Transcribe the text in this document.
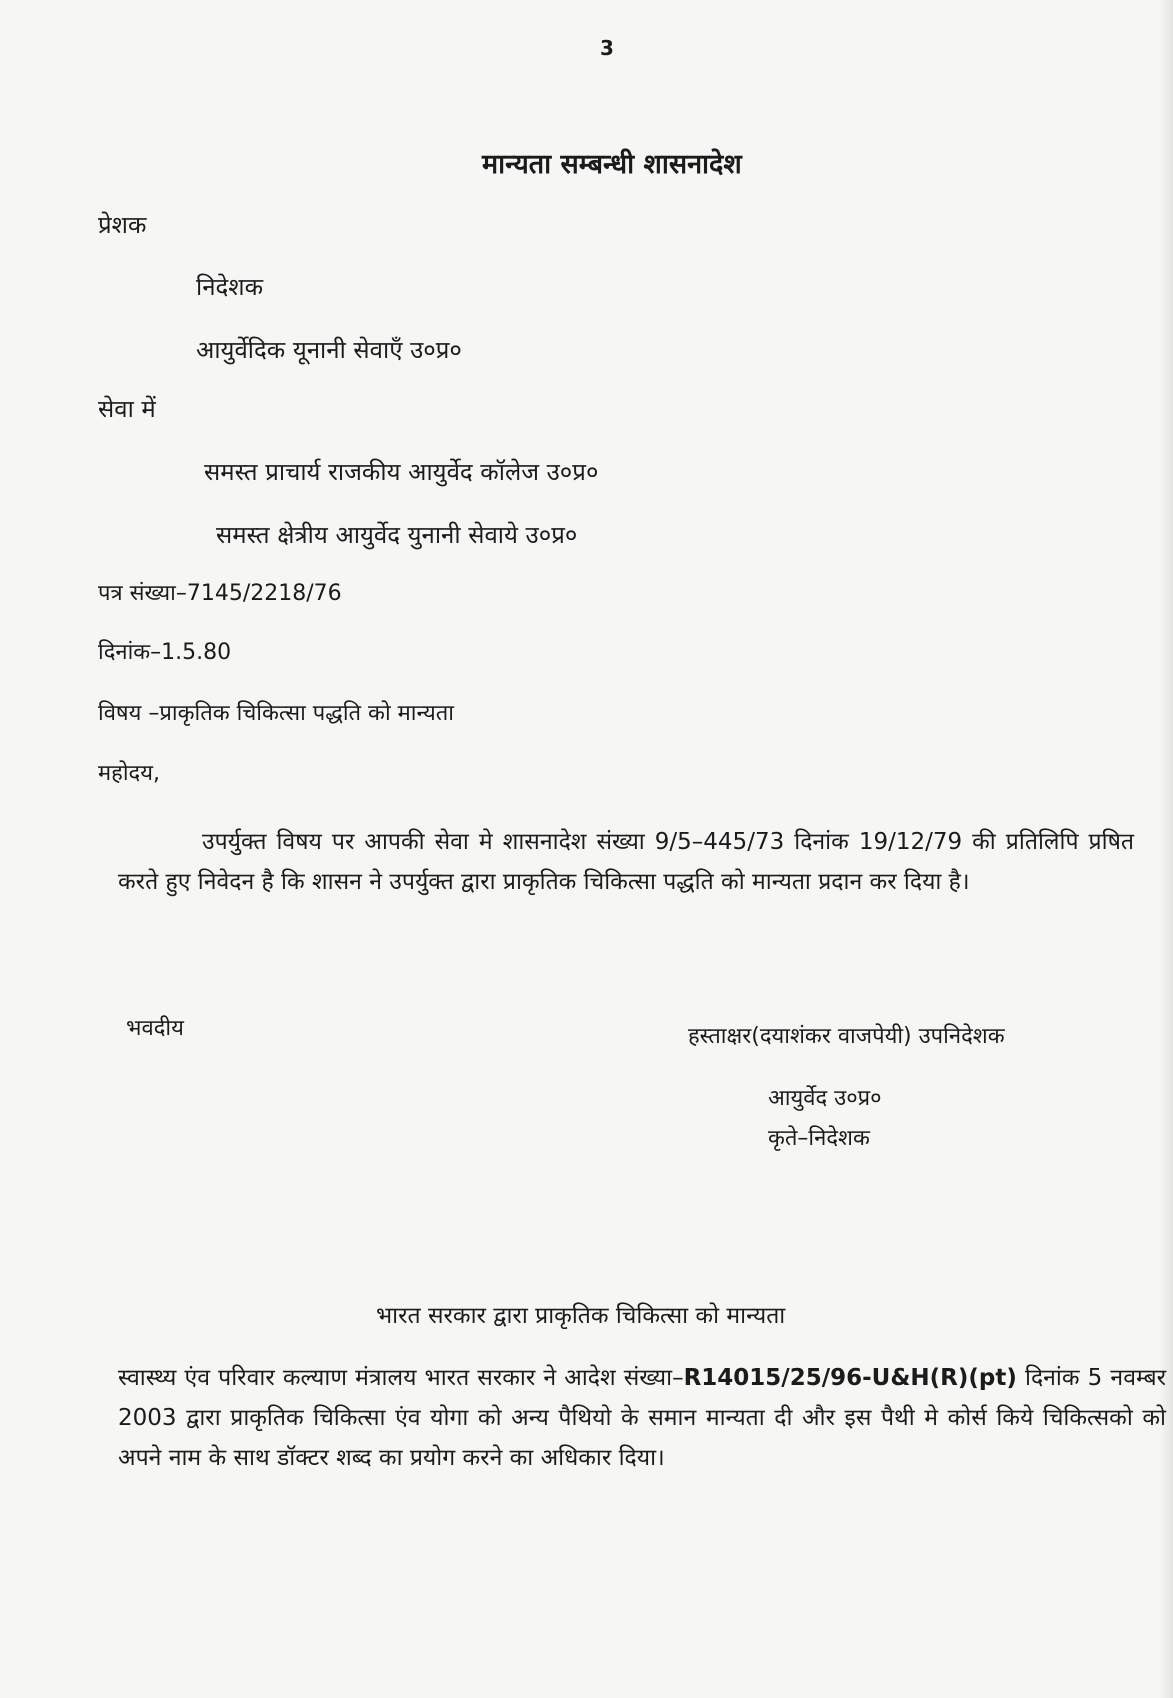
3
मान्यता सम्बन्धी शासनादेश
प्रेशक
निदेशक
आयुर्वेदिक यूनानी सेवाएँ उ०प्र०
सेवा में
समस्त प्राचार्य राजकीय आयुर्वेद कॉलेज उ०प्र०
समस्त क्षेत्रीय आयुर्वेद युनानी सेवाये उ०प्र०
पत्र संख्या–7145/2218/76
दिनांक–1.5.80
विषय –प्राकृतिक चिकित्सा पद्धति को मान्यता
महोदय,
उपर्युक्त विषय पर आपकी सेवा मे शासनादेश संख्या 9/5–445/73 दिनांक 19/12/79 की प्रतिलिपि प्रषित करते हुए निवेदन है कि शासन ने उपर्युक्त द्वारा प्राकृतिक चिकित्सा पद्धति को मान्यता प्रदान कर दिया है।
भवदीय	हस्ताक्षर(दयाशंकर वाजपेयी) उपनिदेशक
आयुर्वेद उ०प्र०
कृते–निदेशक
भारत सरकार द्वारा प्राकृतिक चिकित्सा को मान्यता
स्वास्थ्य एंव परिवार कल्याण मंत्रालय भारत सरकार ने आदेश संख्या–R14015/25/96-U&H(R)(pt) दिनांक 5 नवम्बर 2003 द्वारा प्राकृतिक चिकित्सा एंव योगा को अन्य पैथियो के समान मान्यता दी और इस पैथी मे कोर्स किये चिकित्सको को अपने नाम के साथ डॉक्टर शब्द का प्रयोग करने का अधिकार दिया।
